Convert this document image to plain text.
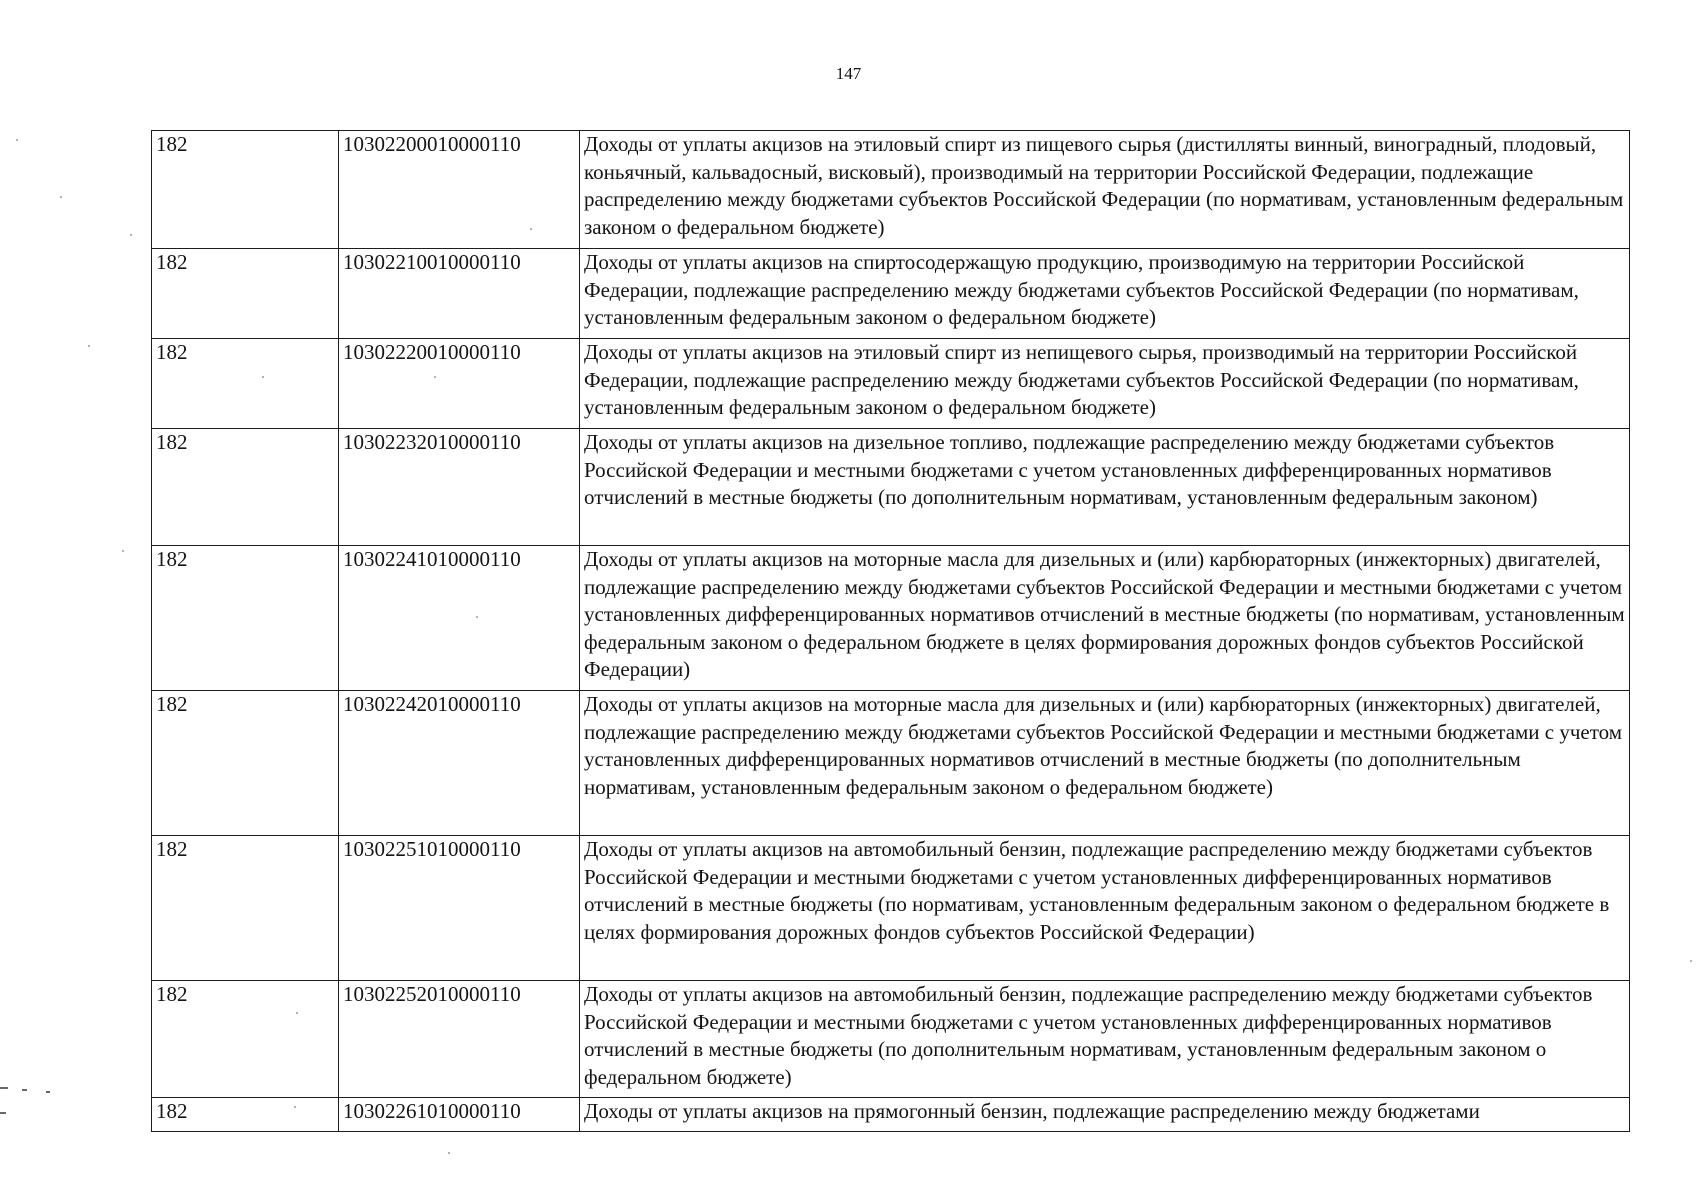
147
182	10302200010000110	Доходы от уплаты акцизов на этиловый спирт из пищевого сырья (дистилляты винный, виноградный, плодовый, коньячный, кальвадосный, висковый), производимый на территории Российской Федерации, подлежащие распределению между бюджетами субъектов Российской Федерации (по нормативам, установленным федеральным законом о федеральном бюджете)
182	10302210010000110	Доходы от уплаты акцизов на спиртосодержащую продукцию, производимую на территории Российской Федерации, подлежащие распределению между бюджетами субъектов Российской Федерации (по нормативам, установленным федеральным законом о федеральном бюджете)
182	10302220010000110	Доходы от уплаты акцизов на этиловый спирт из непищевого сырья, производимый на территории Российской Федерации, подлежащие распределению между бюджетами субъектов Российской Федерации (по нормативам, установленным федеральным законом о федеральном бюджете)
182	10302232010000110	Доходы от уплаты акцизов на дизельное топливо, подлежащие распределению между бюджетами субъектов Российской Федерации и местными бюджетами с учетом установленных дифференцированных нормативов отчислений в местные бюджеты (по дополнительным нормативам, установленным федеральным законом)
182	10302241010000110	Доходы от уплаты акцизов на моторные масла для дизельных и (или) карбюраторных (инжекторных) двигателей, подлежащие распределению между бюджетами субъектов Российской Федерации и местными бюджетами с учетом установленных дифференцированных нормативов отчислений в местные бюджеты (по нормативам, установленным федеральным законом о федеральном бюджете в целях формирования дорожных фондов субъектов Российской Федерации)
182	10302242010000110	Доходы от уплаты акцизов на моторные масла для дизельных и (или) карбюраторных (инжекторных) двигателей, подлежащие распределению между бюджетами субъектов Российской Федерации и местными бюджетами с учетом установленных дифференцированных нормативов отчислений в местные бюджеты (по дополнительным нормативам, установленным федеральным законом о федеральном бюджете)
182	10302251010000110	Доходы от уплаты акцизов на автомобильный бензин, подлежащие распределению между бюджетами субъектов Российской Федерации и местными бюджетами с учетом установленных дифференцированных нормативов отчислений в местные бюджеты (по нормативам, установленным федеральным законом о федеральном бюджете в целях формирования дорожных фондов субъектов Российской Федерации)
182	10302252010000110	Доходы от уплаты акцизов на автомобильный бензин, подлежащие распределению между бюджетами субъектов Российской Федерации и местными бюджетами с учетом установленных дифференцированных нормативов отчислений в местные бюджеты (по дополнительным нормативам, установленным федеральным законом о федеральном бюджете)
182	10302261010000110	Доходы от уплаты акцизов на прямогонный бензин, подлежащие распределению между бюджетами
